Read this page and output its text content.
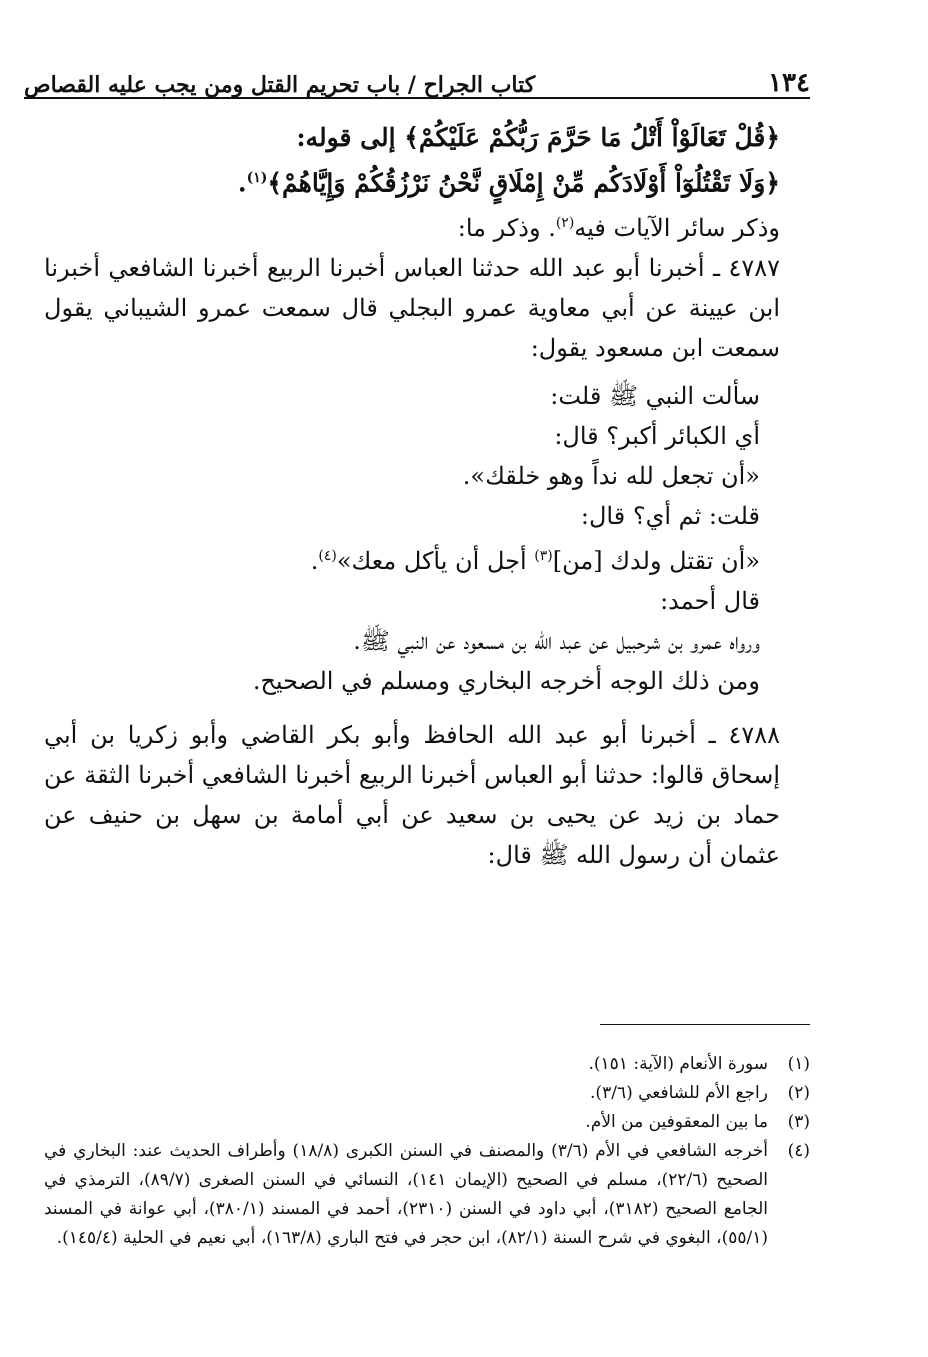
١٣٤
كتاب الجراح / باب تحريم القتل ومن يجب عليه القصاص
﴿قُلْ تَعَالَوْاْ أَتْلُ مَا حَرَّمَ رَبُّكُمْ عَلَيْكُمْ﴾ إلى قوله:
﴿وَلَا تَقْتُلُوٓاْ أَوْلَادَكُم مِّنْ إِمْلَاقٍ نَّحْنُ نَرْزُقُكُمْ وَإِيَّاهُمْ﴾$^{(١)}$.
وذكر سائر الآيات فيه$^{(٢)}$. وذكر ما:
٤٧٨٧ ـ أخبرنا أبو عبد الله حدثنا العباس أخبرنا الربيع أخبرنا الشافعي أخبرنا ابن عيينة عن أبي معاوية عمرو البجلي قال سمعت عمرو الشيباني يقول سمعت ابن مسعود يقول:
سألت النبي ﷺ قلت:
أي الكبائر أكبر؟ قال:
«أن تجعل لله نداً وهو خلقك».
قلت: ثم أي؟ قال:
«أن تقتل ولدك [من]$^{(٣)}$ أجل أن يأكل معك»$^{(٤)}$.
قال أحمد:
ورواه عمرو بن شرحبيل عن عبد الله بن مسعود عن النبي ﷺ.
ومن ذلك الوجه أخرجه البخاري ومسلم في الصحيح.
٤٧٨٨ ـ أخبرنا أبو عبد الله الحافظ وأبو بكر القاضي وأبو زكريا بن أبي إسحاق قالوا: حدثنا أبو العباس أخبرنا الربيع أخبرنا الشافعي أخبرنا الثقة عن حماد بن زيد عن يحيى بن سعيد عن أبي أمامة بن سهل بن حنيف عن عثمان أن رسول الله ﷺ قال:
(١)
سورة الأنعام (الآية: ١٥١).
(٢)
راجع الأم للشافعي (٣/٦).
(٣)
ما بين المعقوفين من الأم.
(٤)
أخرجه الشافعي في الأم (٣/٦) والمصنف في السنن الكبرى (١٨/٨) وأطراف الحديث عند: البخاري في الصحيح (٢٢/٦)، مسلم في الصحيح (الإيمان ١٤١)، النسائي في السنن الصغرى (٨٩/٧)، الترمذي في الجامع الصحيح (٣١٨٢)، أبي داود في السنن (٢٣١٠)، أحمد في المسند (٣٨٠/١)، أبي عوانة في المسند (٥٥/١)، البغوي في شرح السنة (٨٢/١)، ابن حجر في فتح الباري (١٦٣/٨)، أبي نعيم في الحلية (١٤٥/٤).
